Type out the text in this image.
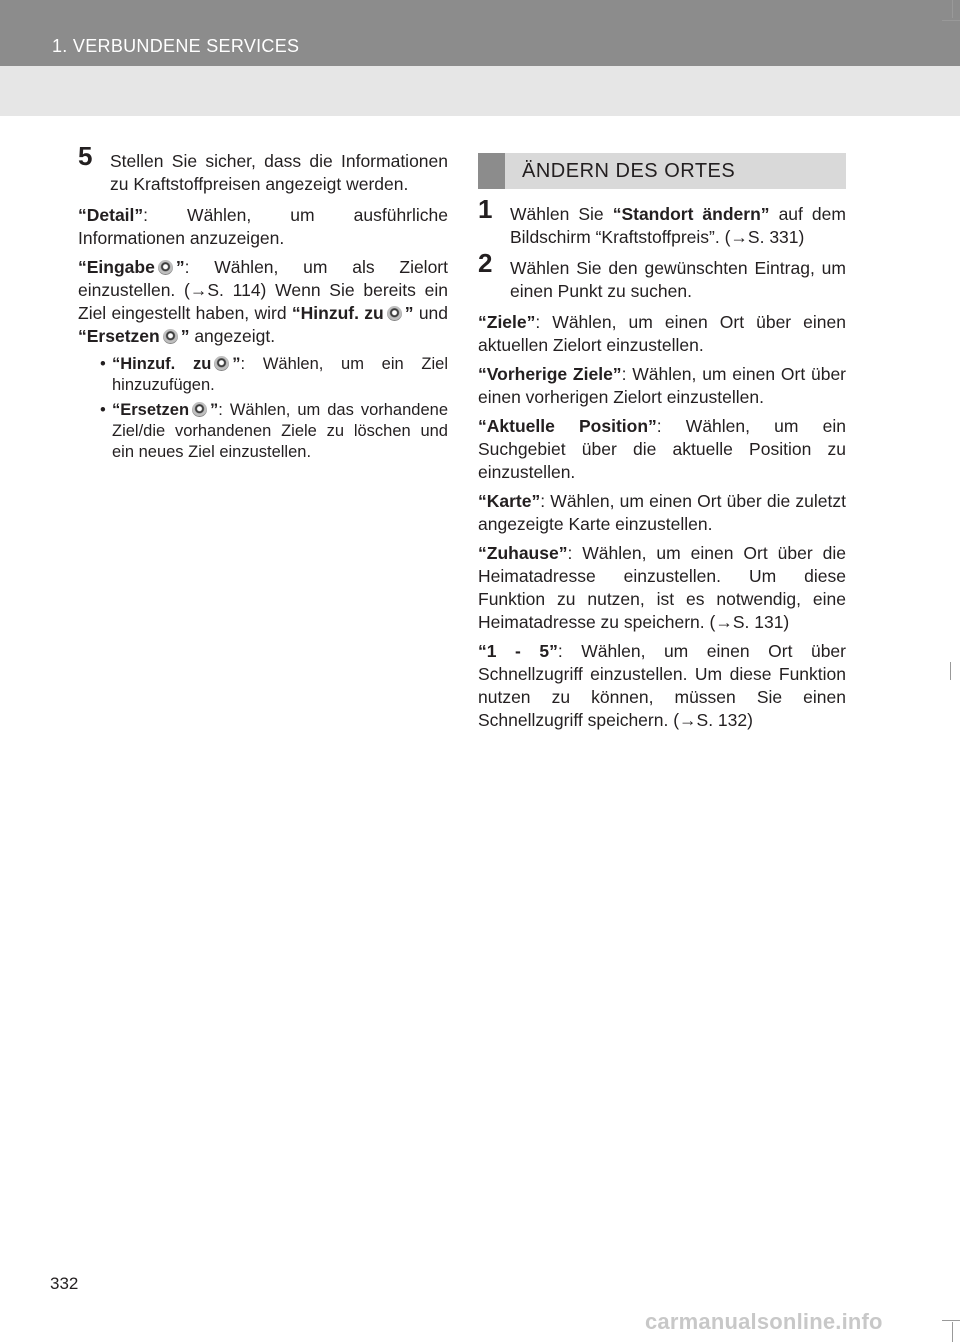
1. VERBUNDENE SERVICES
5 Stellen Sie sicher, dass die Informationen zu Kraftstoffpreisen angezeigt werden.

“Detail”: Wählen, um ausführliche Informationen anzuzeigen.

“Eingabe ”: Wählen, um als Zielort einzustellen. (→S. 114) Wenn Sie bereits ein Ziel eingestellt haben, wird “Hinzuf. zu ” und “Ersetzen ” angezeigt.

• “Hinzuf. zu ”: Wählen, um ein Ziel hinzuzufügen.
• “Ersetzen ”: Wählen, um das vorhandene Ziel/die vorhandenen Ziele zu löschen und ein neues Ziel einzustellen.
ÄNDERN DES ORTES
1 Wählen Sie “Standort ändern” auf dem Bildschirm “Kraftstoffpreis”. (→S. 331)
2 Wählen Sie den gewünschten Eintrag, um einen Punkt zu suchen.

“Ziele”: Wählen, um einen Ort über einen aktuellen Zielort einzustellen.

“Vorherige Ziele”: Wählen, um einen Ort über einen vorherigen Zielort einzustellen.

“Aktuelle Position”: Wählen, um ein Suchgebiet über die aktuelle Position zu einzustellen.

“Karte”: Wählen, um einen Ort über die zuletzt angezeigte Karte einzustellen.

“Zuhause”: Wählen, um einen Ort über die Heimatadresse einzustellen. Um diese Funktion zu nutzen, ist es notwendig, eine Heimatadresse zu speichern. (→S. 131)

“1 - 5”: Wählen, um einen Ort über Schnellzugriff einzustellen. Um diese Funktion nutzen zu können, müssen Sie einen Schnellzugriff speichern. (→S. 132)

332
carmanualsonline.info
